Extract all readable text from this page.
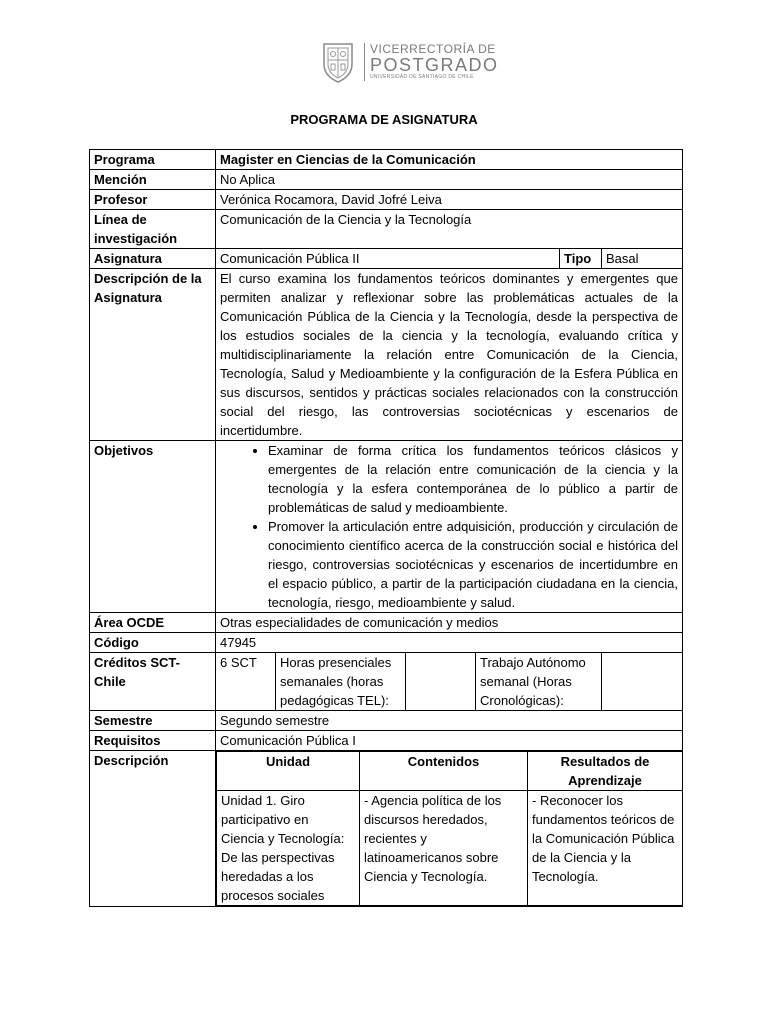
VICERRECTORÍA DE
POSTGRADO
UNIVERSIDAD DE SANTIAGO DE CHILE
PROGRAMA DE ASIGNATURA
Programa	Magister en Ciencias de la Comunicación
Mención	No Aplica
Profesor	Verónica Rocamora, David Jofré Leiva
Línea de investigación	Comunicación de la Ciencia y la Tecnología
Asignatura	Comunicación Pública II	Tipo	Basal
Descripción de la Asignatura	El curso examina los fundamentos teóricos dominantes y emergentes que permiten analizar y reflexionar sobre las problemáticas actuales de la Comunicación Pública de la Ciencia y la Tecnología, desde la perspectiva de los estudios sociales de la ciencia y la tecnología, evaluando crítica y multidisciplinariamente la relación entre Comunicación de la Ciencia, Tecnología, Salud y Medioambiente y la configuración de la Esfera Pública en sus discursos, sentidos y prácticas sociales relacionados con la construcción social del riesgo, las controversias sociotécnicas y escenarios de incertidumbre.
Objetivos	
•Examinar de forma crítica los fundamentos teóricos clásicos y emergentes de la relación entre comunicación de la ciencia y la tecnología y la esfera contemporánea de lo público a partir de problemáticas de salud y medioambiente.
• Promover la articulación entre adquisición, producción y circulación de conocimiento científico acerca de la construcción social e histórica del riesgo, controversias sociotécnicas y escenarios de incertidumbre en el espacio público, a partir de la participación ciudadana en la ciencia, tecnología, riesgo, medioambiente y salud.

Área OCDE	Otras especialidades de comunicación y medios
Código	47945
Créditos SCT-Chile	6 SCT	Horas presenciales semanales (horas pedagógicas TEL):		Trabajo Autónomo semanal (Horas Cronológicas):	
Semestre	Segundo semestre
Requisitos	Comunicación Pública I
Descripción		Unidad	Contenidos	Resultados de Aprendizaje
Unidad 1. Giro participativo en Ciencia y Tecnología: De las perspectivas heredadas a los procesos sociales	- Agencia política de los discursos heredados, recientes y latinoamericanos sobre Ciencia y Tecnología.	- Reconocer los fundamentos teóricos de la Comunicación Pública de la Ciencia y la Tecnología.
